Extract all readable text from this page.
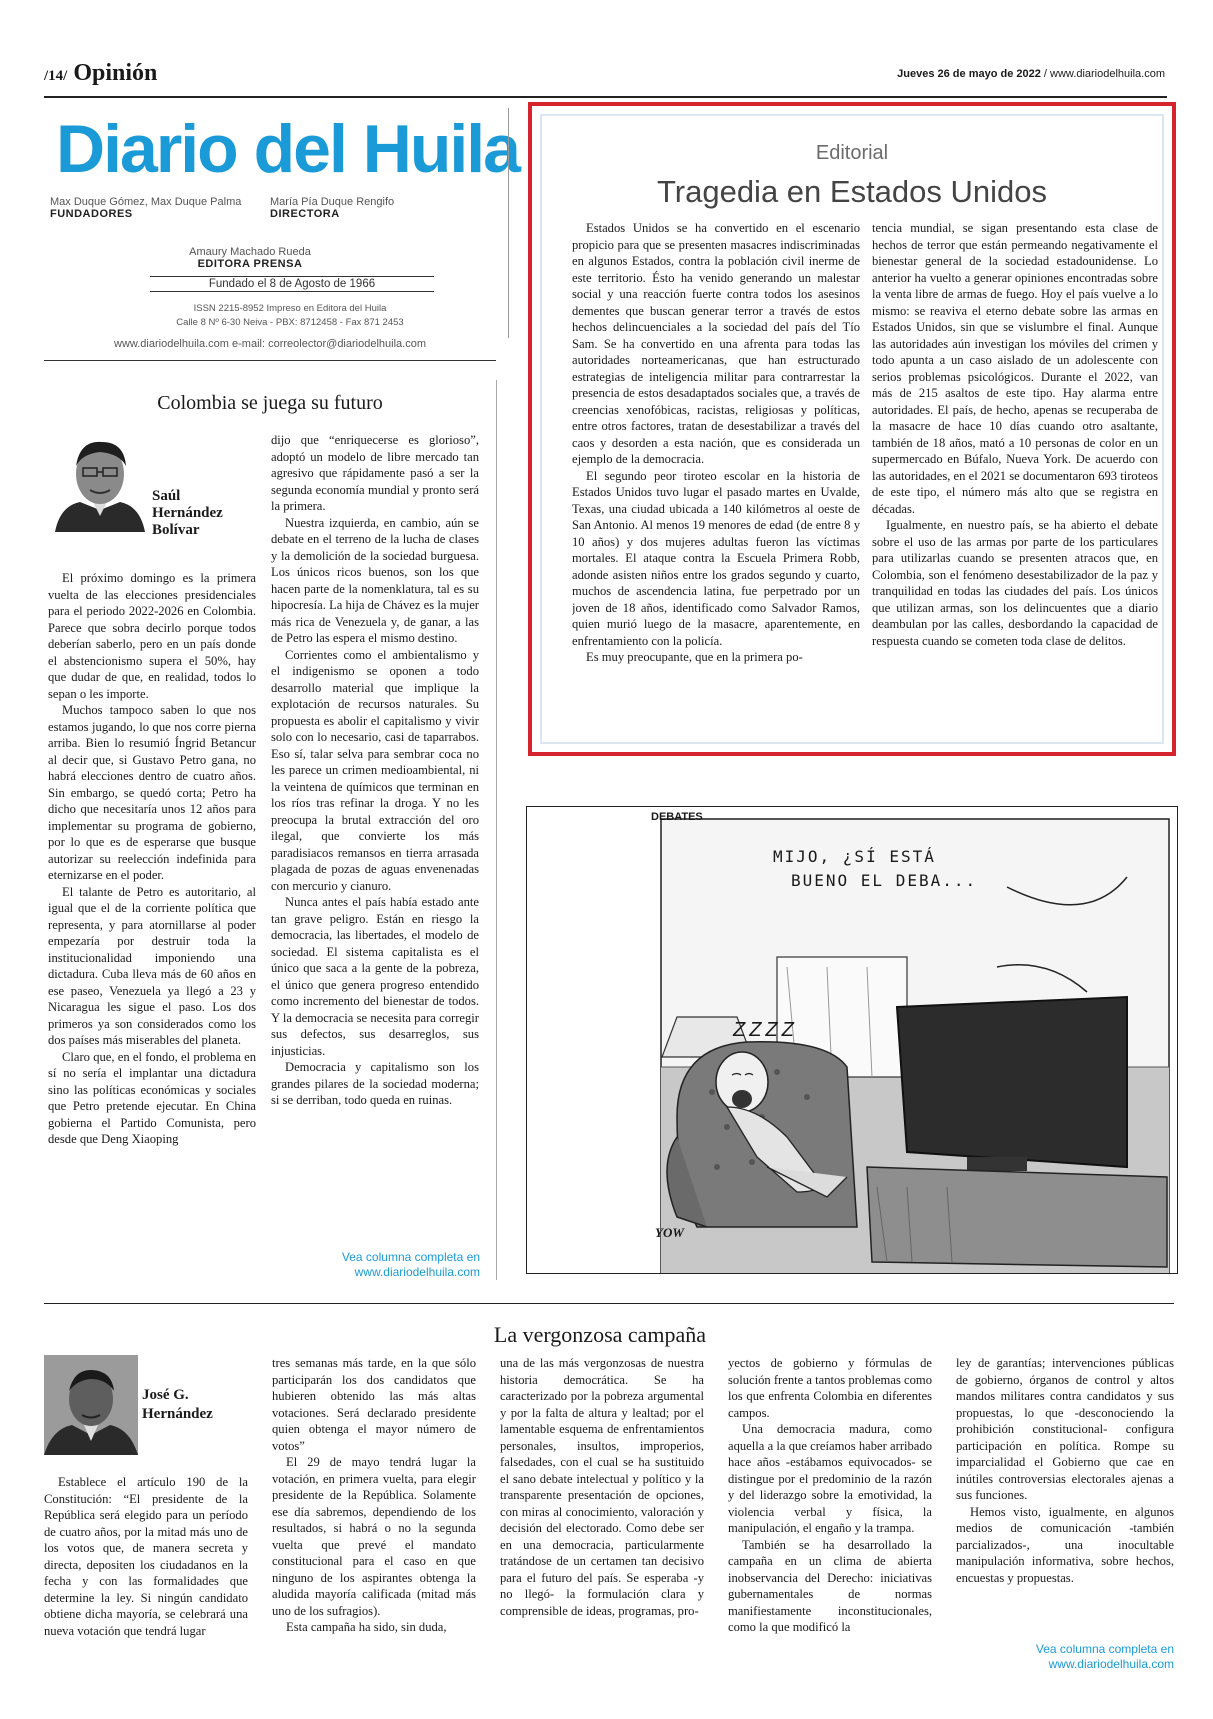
/14/ Opinión	Jueves 26 de mayo de 2022 / www.diariodelhuila.com
Diario del Huila
Max Duque Gómez, Max Duque Palma
FUNDADORES
María Pía Duque Rengifo
DIRECTORA
Amaury Machado Rueda
EDITORA PRENSA
Fundado el 8 de Agosto de 1966
ISSN 2215-8952 Impreso en Editora del Huila
Calle 8 Nº 6-30 Neiva - PBX: 8712458 - Fax 871 2453
www.diariodelhuila.com e-mail: correolector@diariodelhuila.com
Editorial
Tragedia en Estados Unidos

Estados Unidos se ha convertido en el escenario propicio para que se presenten masacres indiscriminadas en algunos Estados, contra la población civil inerme de este territorio. Ésto ha venido generando un malestar social y una reacción fuerte contra todos los asesinos dementes que buscan generar terror a través de estos hechos delincuenciales a la sociedad del país del Tío Sam. Se ha convertido en una afrenta para todas las autoridades norteamericanas, que han estructurado estrategias de inteligencia militar para contrarrestar la presencia de estos desadaptados sociales que, a través de creencias xenofóbicas, racistas, religiosas y políticas, entre otros factores, tratan de desestabilizar a través del caos y desorden a esta nación, que es considerada un ejemplo de la democracia.

El segundo peor tiroteo escolar en la historia de Estados Unidos tuvo lugar el pasado martes en Uvalde, Texas, una ciudad ubicada a 140 kilómetros al oeste de San Antonio. Al menos 19 menores de edad (de entre 8 y 10 años) y dos mujeres adultas fueron las víctimas mortales. El ataque contra la Escuela Primera Robb, adonde asisten niños entre los grados segundo y cuarto, muchos de ascendencia latina, fue perpetrado por un joven de 18 años, identificado como Salvador Ramos, quien murió luego de la masacre, aparentemente, en enfrentamiento con la policía.

Es muy preocupante, que en la primera po-

tencia mundial, se sigan presentando esta clase de hechos de terror que están permeando negativamente el bienestar general de la sociedad estadounidense. Lo anterior ha vuelto a generar opiniones encontradas sobre la venta libre de armas de fuego. Hoy el país vuelve a lo mismo: se reaviva el eterno debate sobre las armas en Estados Unidos, sin que se vislumbre el final. Aunque las autoridades aún investigan los móviles del crimen y todo apunta a un caso aislado de un adolescente con serios problemas psicológicos. Durante el 2022, van más de 215 asaltos de este tipo. Hay alarma entre autoridades. El país, de hecho, apenas se recuperaba de la masacre de hace 10 días cuando otro asaltante, también de 18 años, mató a 10 personas de color en un supermercado en Búfalo, Nueva York. De acuerdo con las autoridades, en el 2021 se documentaron 693 tiroteos de este tipo, el número más alto que se registra en décadas.

Igualmente, en nuestro país, se ha abierto el debate sobre el uso de las armas por parte de los particulares para utilizarlas cuando se presenten atracos que, en Colombia, son el fenómeno desestabilizador de la paz y tranquilidad en todas las ciudades del país. Los únicos que utilizan armas, son los delincuentes que a diario deambulan por las calles, desbordando la capacidad de respuesta cuando se cometen toda clase de delitos.

Colombia se juega su futuro
Saúl
Hernández
Bolívar

El próximo domingo es la primera vuelta de las elecciones presidenciales para el periodo 2022-2026 en Colombia. Parece que sobra decirlo porque todos deberían saberlo, pero en un país donde el abstencionismo supera el 50%, hay que dudar de que, en realidad, todos lo sepan o les importe.

Muchos tampoco saben lo que nos estamos jugando, lo que nos corre pierna arriba. Bien lo resumió Íngrid Betancur al decir que, si Gustavo Petro gana, no habrá elecciones dentro de cuatro años. Sin embargo, se quedó corta; Petro ha dicho que necesitaría unos 12 años para implementar su programa de gobierno, por lo que es de esperarse que busque autorizar su reelección indefinida para eternizarse en el poder.

El talante de Petro es autoritario, al igual que el de la corriente política que representa, y para atornillarse al poder empezaría por destruir toda la institucionalidad imponiendo una dictadura. Cuba lleva más de 60 años en ese paseo, Venezuela ya llegó a 23 y Nicaragua les sigue el paso. Los dos primeros ya son considerados como los dos países más miserables del planeta.

Claro que, en el fondo, el problema en sí no sería el implantar una dictadura sino las políticas económicas y sociales que Petro pretende ejecutar. En China gobierna el Partido Comunista, pero desde que Deng Xiaoping

dijo que “enriquecerse es glorioso”, adoptó un modelo de libre mercado tan agresivo que rápidamente pasó a ser la segunda economía mundial y pronto será la primera.

Nuestra izquierda, en cambio, aún se debate en el terreno de la lucha de clases y la demolición de la sociedad burguesa. Los únicos ricos buenos, son los que hacen parte de la nomenklatura, tal es su hipocresía. La hija de Chávez es la mujer más rica de Venezuela y, de ganar, a las de Petro las espera el mismo destino.

Corrientes como el ambientalismo y el indigenismo se oponen a todo desarrollo material que implique la explotación de recursos naturales. Su propuesta es abolir el capitalismo y vivir solo con lo necesario, casi de taparrabos. Eso sí, talar selva para sembrar coca no les parece un crimen medioambiental, ni la veintena de químicos que terminan en los ríos tras refinar la droga. Y no les preocupa la brutal extracción del oro ilegal, que convierte los más paradisiacos remansos en tierra arrasada plagada de pozas de aguas envenenadas con mercurio y cianuro.

Nunca antes el país había estado ante tan grave peligro. Están en riesgo la democracia, las libertades, el modelo de sociedad. El sistema capitalista es el único que saca a la gente de la pobreza, el único que genera progreso entendido como incremento del bienestar de todos. Y la democracia se necesita para corregir sus defectos, sus desarreglos, sus injusticias.

Democracia y capitalismo son los grandes pilares de la sociedad moderna; si se derriban, todo queda en ruinas.

Vea columna completa en
www.diariodelhuila.com
DEBATES
MIJO, ¿SÍ ESTÁ
BUENO EL DEBA...
ZZZZ
YOW
La vergonzosa campaña
José G.
Hernández

Establece el artículo 190 de la Constitución: “El presidente de la República será elegido para un período de cuatro años, por la mitad más uno de los votos que, de manera secreta y directa, depositen los ciudadanos en la fecha y con las formalidades que determine la ley. Si ningún candidato obtiene dicha mayoría, se celebrará una nueva votación que tendrá lugar

tres semanas más tarde, en la que sólo participarán los dos candidatos que hubieren obtenido las más altas votaciones. Será declarado presidente quien obtenga el mayor número de votos”

El 29 de mayo tendrá lugar la votación, en primera vuelta, para elegir presidente de la República. Solamente ese día sabremos, dependiendo de los resultados, si habrá o no la segunda vuelta que prevé el mandato constitucional para el caso en que ninguno de los aspirantes obtenga la aludida mayoría calificada (mitad más uno de los sufragios).

Esta campaña ha sido, sin duda,

una de las más vergonzosas de nuestra historia democrática. Se ha caracterizado por la pobreza argumental y por la falta de altura y lealtad; por el lamentable esquema de enfrentamientos personales, insultos, improperios, falsedades, con el cual se ha sustituido el sano debate intelectual y político y la transparente presentación de opciones, con miras al conocimiento, valoración y decisión del electorado. Como debe ser en una democracia, particularmente tratándose de un certamen tan decisivo para el futuro del país. Se esperaba -y no llegó- la formulación clara y comprensible de ideas, programas, pro-

yectos de gobierno y fórmulas de solución frente a tantos problemas como los que enfrenta Colombia en diferentes campos.

Una democracia madura, como aquella a la que creíamos haber arribado hace años -estábamos equivocados- se distingue por el predominio de la razón y del liderazgo sobre la emotividad, la violencia verbal y física, la manipulación, el engaño y la trampa.

También se ha desarrollado la campaña en un clima de abierta inobservancia del Derecho: iniciativas gubernamentales de normas manifiestamente inconstitucionales, como la que modificó la

ley de garantías; intervenciones públicas de gobierno, órganos de control y altos mandos militares contra candidatos y sus propuestas, lo que -desconociendo la prohibición constitucional- configura participación en política. Rompe su imparcialidad el Gobierno que cae en inútiles controversias electorales ajenas a sus funciones.

Hemos visto, igualmente, en algunos medios de comunicación -también parcializados-, una inocultable manipulación informativa, sobre hechos, encuestas y propuestas.

Vea columna completa en
www.diariodelhuila.com
